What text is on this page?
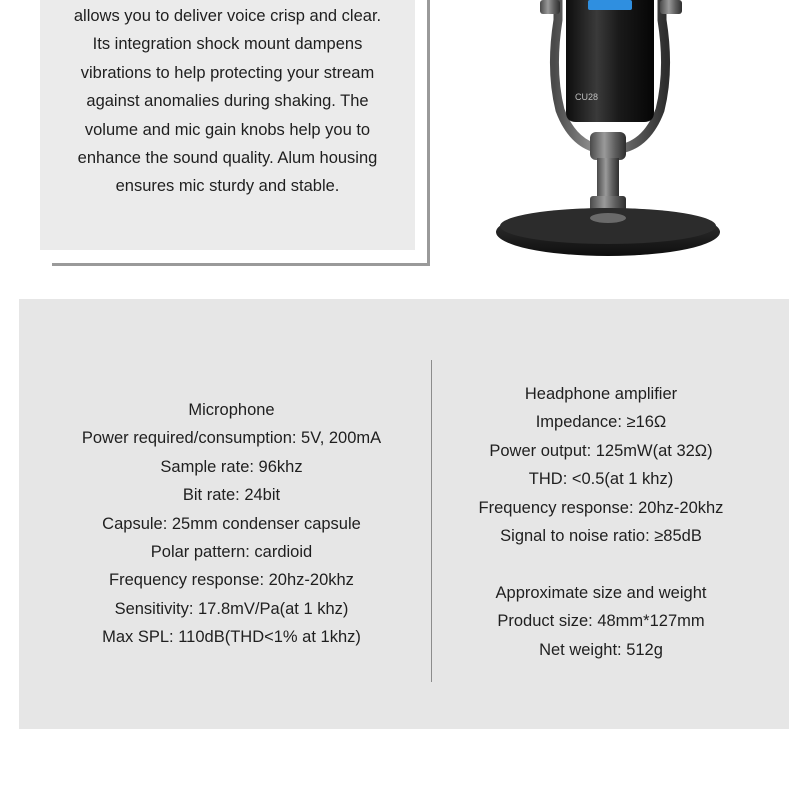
allows you to deliver voice crisp and clear.
Its integration shock mount dampens
vibrations to help protecting your stream
against anomalies during shaking. The
volume and mic gain knobs help you to
enhance the sound quality. Alum housing
ensures mic sturdy and stable.
CU28
Microphone
Power required/consumption: 5V, 200mA
Sample rate: 96khz
Bit rate: 24bit
Capsule: 25mm condenser capsule
Polar pattern: cardioid
Frequency response: 20hz-20khz
Sensitivity: 17.8mV/Pa(at 1 khz)
Max SPL: 110dB(THD<1% at 1khz)
Headphone amplifier
Impedance: ≥16Ω
Power output: 125mW(at 32Ω)
THD: <0.5(at 1 khz)
Frequency response: 20hz-20khz
Signal to noise ratio: ≥85dB
Approximate size and weight
Product size: 48mm*127mm
Net weight: 512g
